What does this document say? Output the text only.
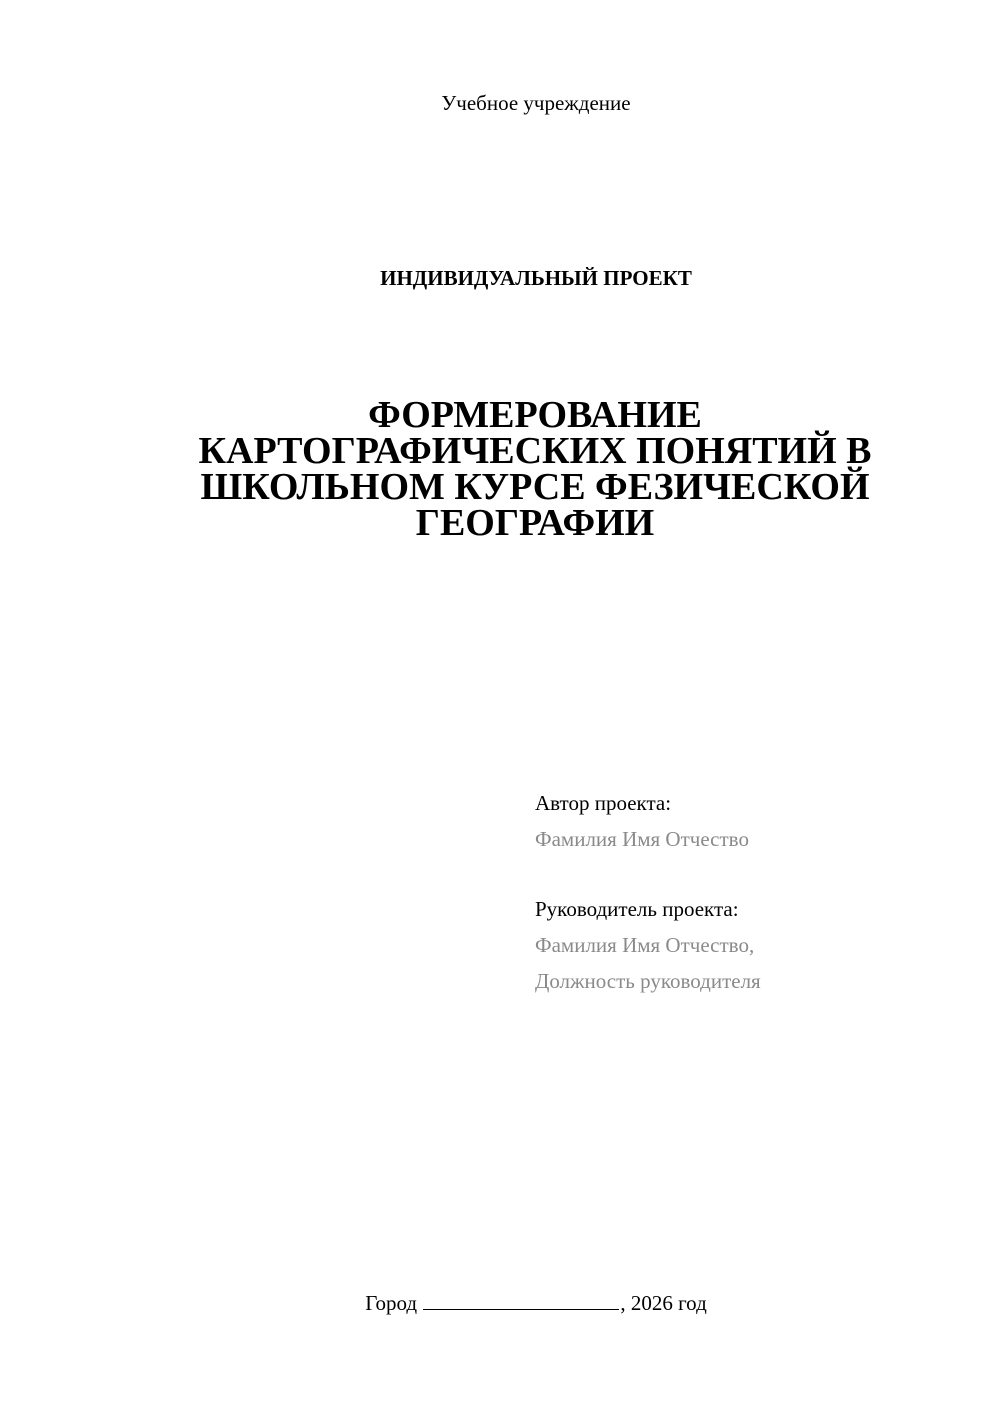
Учебное учреждение
ИНДИВИДУАЛЬНЫЙ ПРОЕКТ
ФОРМЕРОВАНИЕ
КАРТОГРАФИЧЕСКИХ ПОНЯТИЙ В
ШКОЛЬНОМ КУРСЕ ФЕЗИЧЕСКОЙ
ГЕОГРАФИИ
Автор проекта:
Фамилия Имя Отчество
Руководитель проекта:
Фамилия Имя Отчество,
Должность руководителя
Город	, 2026 год
